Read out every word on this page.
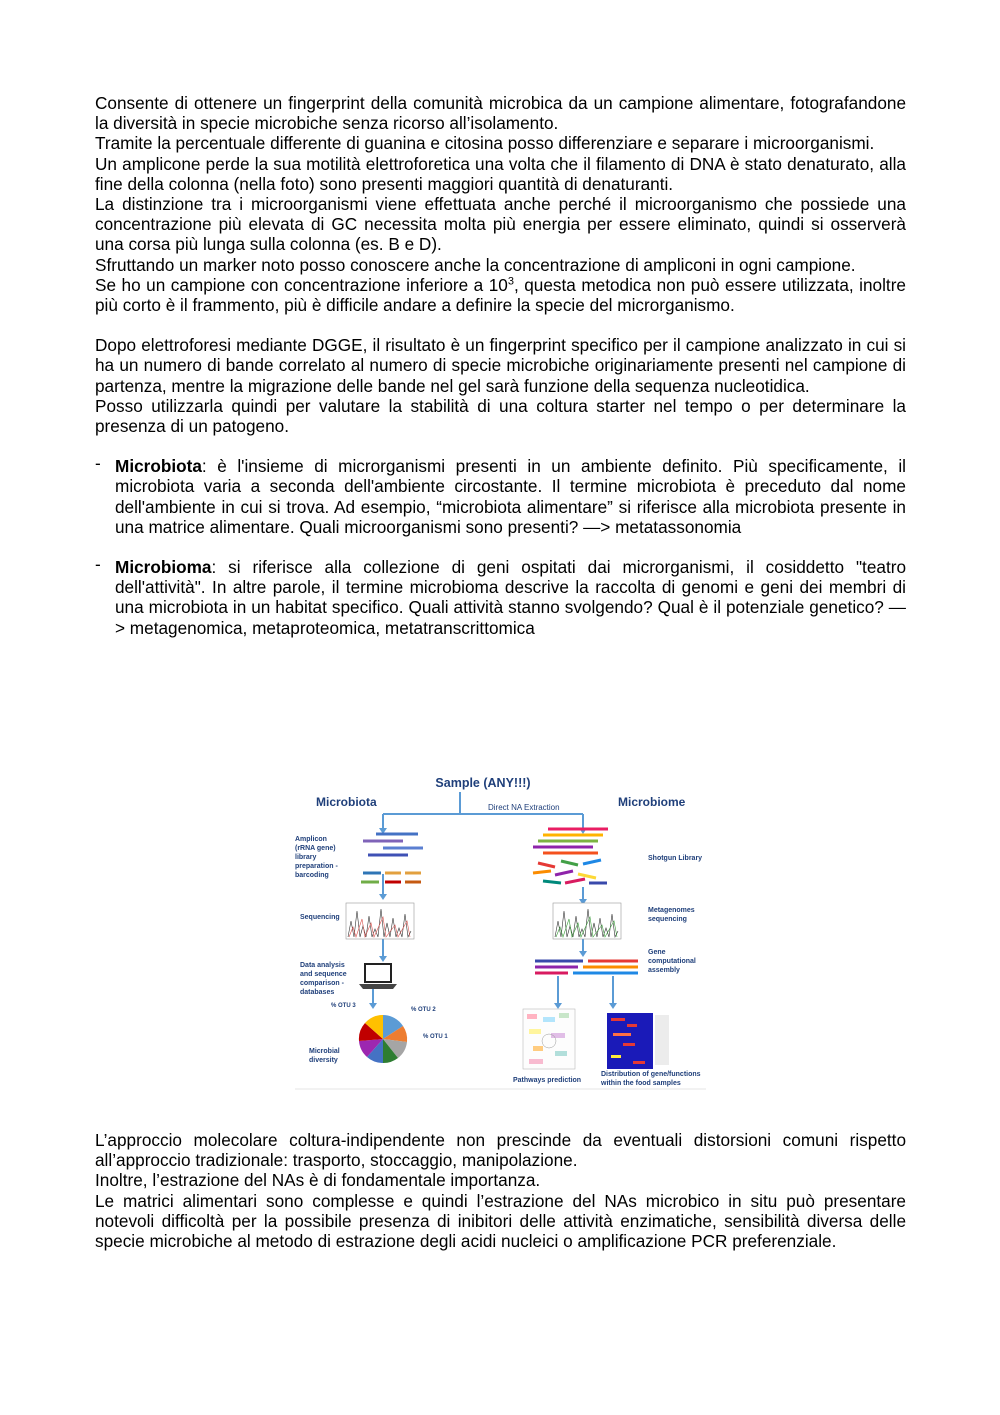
Consente di ottenere un fingerprint della comunità microbica da un campione alimentare, fotografandone la diversità in specie microbiche senza ricorso all’isolamento.

Tramite la percentuale differente di guanina e citosina posso differenziare e separare i microorganismi.

Un amplicone perde la sua motilità elettroforetica una volta che il filamento di DNA è stato denaturato, alla fine della colonna (nella foto) sono presenti maggiori quantità di denaturanti.

La distinzione tra i microorganismi viene effettuata anche perché il microorganismo che possiede una concentrazione più elevata di GC necessita molta più energia per essere eliminato, quindi si osserverà una corsa più lunga sulla colonna (es. B e D).

Sfruttando un marker noto posso conoscere anche la concentrazione di ampliconi in ogni campione.

Se ho un campione con concentrazione inferiore a $10^3$, questa metodica non può essere utilizzata, inoltre più corto è il frammento, più è difficile andare a definire la specie del microrganismo.

Dopo elettroforesi mediante DGGE, il risultato è un fingerprint specifico per il campione analizzato in cui si ha un numero di bande correlato al numero di specie microbiche originariamente presenti nel campione di partenza, mentre la migrazione delle bande nel gel sarà funzione della sequenza nucleotidica.

Posso utilizzarla quindi per valutare la stabilità di una coltura starter nel tempo o per determinare la presenza di un patogeno.

- Microbiota: è l'insieme di microrganismi presenti in un ambiente definito. Più specificamente, il microbiota varia a seconda dell'ambiente circostante. Il termine microbiota è preceduto dal nome dell'ambiente in cui si trova. Ad esempio, “microbiota alimentare” si riferisce alla microbiota presente in una matrice alimentare. Quali microorganismi sono presenti? —> metatassonomia

- Microbioma: si riferisce alla collezione di geni ospitati dai microrganismi, il cosiddetto "teatro dell'attività". In altre parole, il termine microbioma descrive la raccolta di genomi e geni dei membri di una microbiota in un habitat specifico. Quali attività stanno svolgendo? Qual è il potenziale genetico? —> metagenomica, metaproteomica, metatranscrittomica

Sample (ANY!!!)
Microbiota	Microbiome
Direct NA Extraction
Amplicon
(rRNA gene)
library
preparation -
barcoding
Shotgun Library
Sequencing
Metagenomes
sequencing
Gene
computational
assembly
Data analysis
and sequence
comparison -
databases
% OTU 3
% OTU 2
% OTU 1
Microbial
diversity
Pathways prediction
Distribution of gene/functions
within the food samples

L’approccio molecolare coltura-indipendente non prescinde da eventuali distorsioni comuni rispetto all’approccio tradizionale: trasporto, stoccaggio, manipolazione.

Inoltre, l’estrazione del NAs è di fondamentale importanza.

Le matrici alimentari sono complesse e quindi l’estrazione del NAs microbico in situ può presentare notevoli difficoltà per la possibile presenza di inibitori delle attività enzimatiche, sensibilità diversa delle specie microbiche al metodo di estrazione degli acidi nucleici o amplificazione PCR preferenziale.
